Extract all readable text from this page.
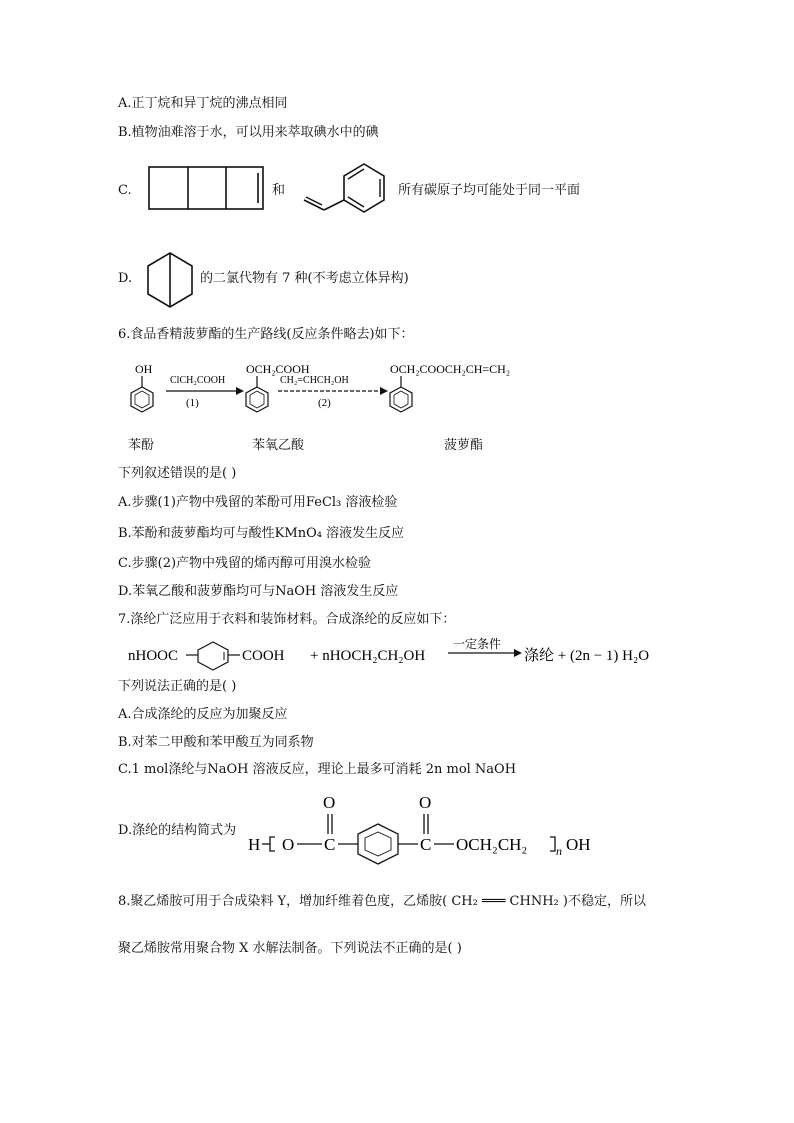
A.正丁烷和异丁烷的沸点相同
B.植物油难溶于水，可以用来萃取碘水中的碘
C.	和	所有碳原子均可能处于同一平面
D.	的二氯代物有 7 种(不考虑立体异构)
6.食品香精菠萝酯的生产路线(反应条件略去)如下：
OH
ClCH₂COOH
(1)
OCH₂COOH
CH₂=CHCH₂OH
(2)
OCH₂COOCH₂CH=CH₂
苯酚	苯氧乙酸	菠萝酯
下列叙述错误的是( )
A.步骤(1)产物中残留的苯酚可用FeCl₃ 溶液检验
B.苯酚和菠萝酯均可与酸性KMnO₄ 溶液发生反应
C.步骤(2)产物中残留的烯丙醇可用溴水检验
D.苯氧乙酸和菠萝酯均可与NaOH 溶液发生反应
7.涤纶广泛应用于衣料和装饰材料。合成涤纶的反应如下：
nHOOC	COOH + nHOCH₂CH₂OH
一定条件
涤纶 + (2n − 1) H₂O
下列说法正确的是( )
A.合成涤纶的反应为加聚反应
B.对苯二甲酸和苯甲酸互为同系物
C.1 mol涤纶与NaOH 溶液反应，理论上最多可消耗 2n mol NaOH
D.涤纶的结构简式为
H O C
O
C
O
OCH₂CH₂ n OH
8.聚乙烯胺可用于合成染料 Y，增加纤维着色度，乙烯胺( CH₂ ═══ CHNH₂ )不稳定，所以
聚乙烯胺常用聚合物 X 水解法制备。下列说法不正确的是( )
